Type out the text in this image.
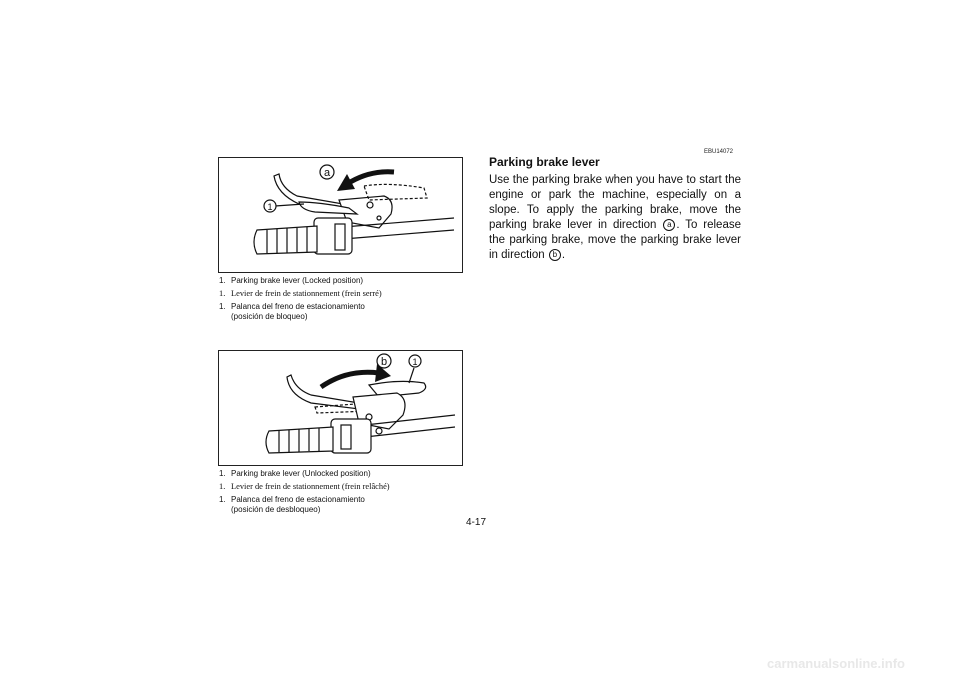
a
1
1. Parking brake lever (Locked position)
1. Levier de frein de stationnement (frein serré)
1. Palanca del freno de estacionamiento
(posición de bloqueo)
b	1
1. Parking brake lever (Unlocked position)
1. Levier de frein de stationnement (frein relâché)
1. Palanca del freno de estacionamiento
(posición de desbloqueo)
EBU14072
Parking brake lever
Use the parking brake when you have to start the engine or park the machine, especially on a slope. To apply the parking brake, move the parking brake lever in direction a . To release the parking brake, move the parking brake lever in direction b .
4-17
carmanualsonline.info
